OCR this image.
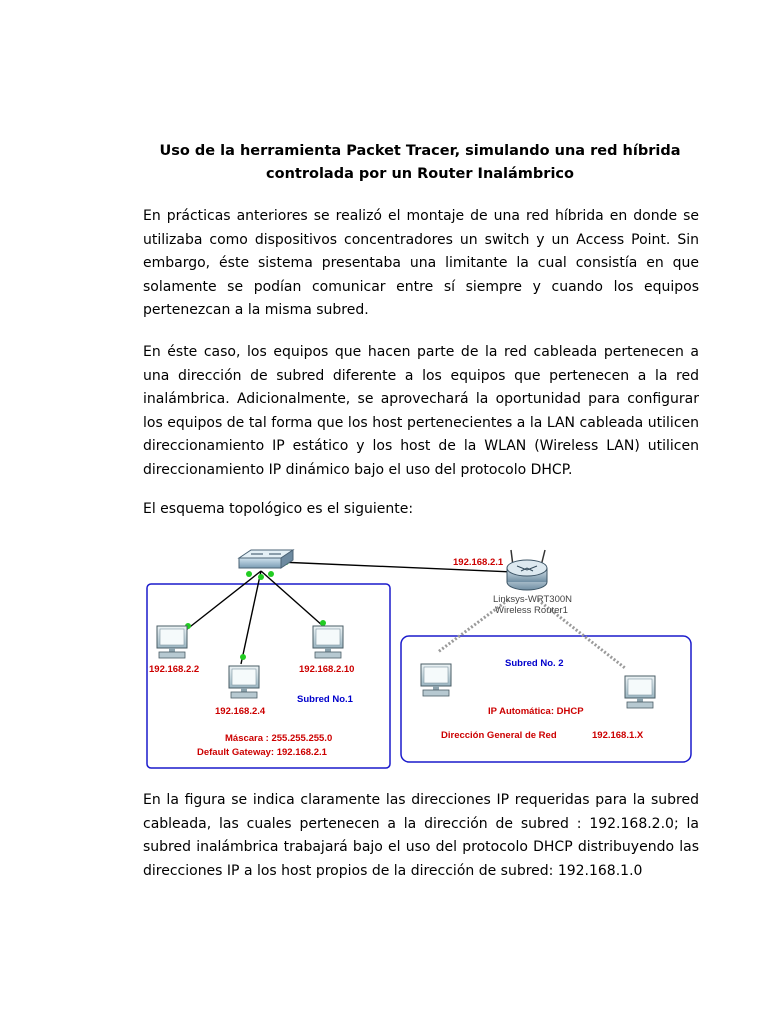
Uso de la herramienta Packet Tracer, simulando una red híbrida
controlada por un Router Inalámbrico

En prácticas anteriores se realizó el montaje de una red híbrida en donde se utilizaba como dispositivos concentradores un switch y un Access Point. Sin embargo, éste sistema presentaba una limitante la cual consistía en que solamente se podían comunicar entre sí siempre y cuando los equipos pertenezcan a la misma subred.

En éste caso, los equipos que hacen parte de la red cableada pertenecen a una dirección de subred diferente a los equipos que pertenecen a la red inalámbrica. Adicionalmente, se aprovechará la oportunidad para configurar los equipos de tal forma que los host pertenecientes a la LAN cableada utilicen direccionamiento IP estático y los host de la WLAN (Wireless LAN) utilicen direccionamiento IP dinámico bajo el uso del protocolo DHCP.

El esquema topológico es el siguiente:

192.168.2.1
Linksys-WRT300N
Wireless Router1
192.168.2.2
192.168.2.4
192.168.2.10
Subred No.1
Máscara : 255.255.255.0
Default Gateway: 192.168.2.1
Subred No. 2
IP Automática: DHCP
Dirección General de Red	192.168.1.X

En la figura se indica claramente las direcciones IP requeridas para la subred cableada, las cuales pertenecen a la dirección de subred : 192.168.2.0; la subred inalámbrica trabajará bajo el uso del protocolo DHCP distribuyendo las direcciones IP a los host propios de la dirección de subred: 192.168.1.0
